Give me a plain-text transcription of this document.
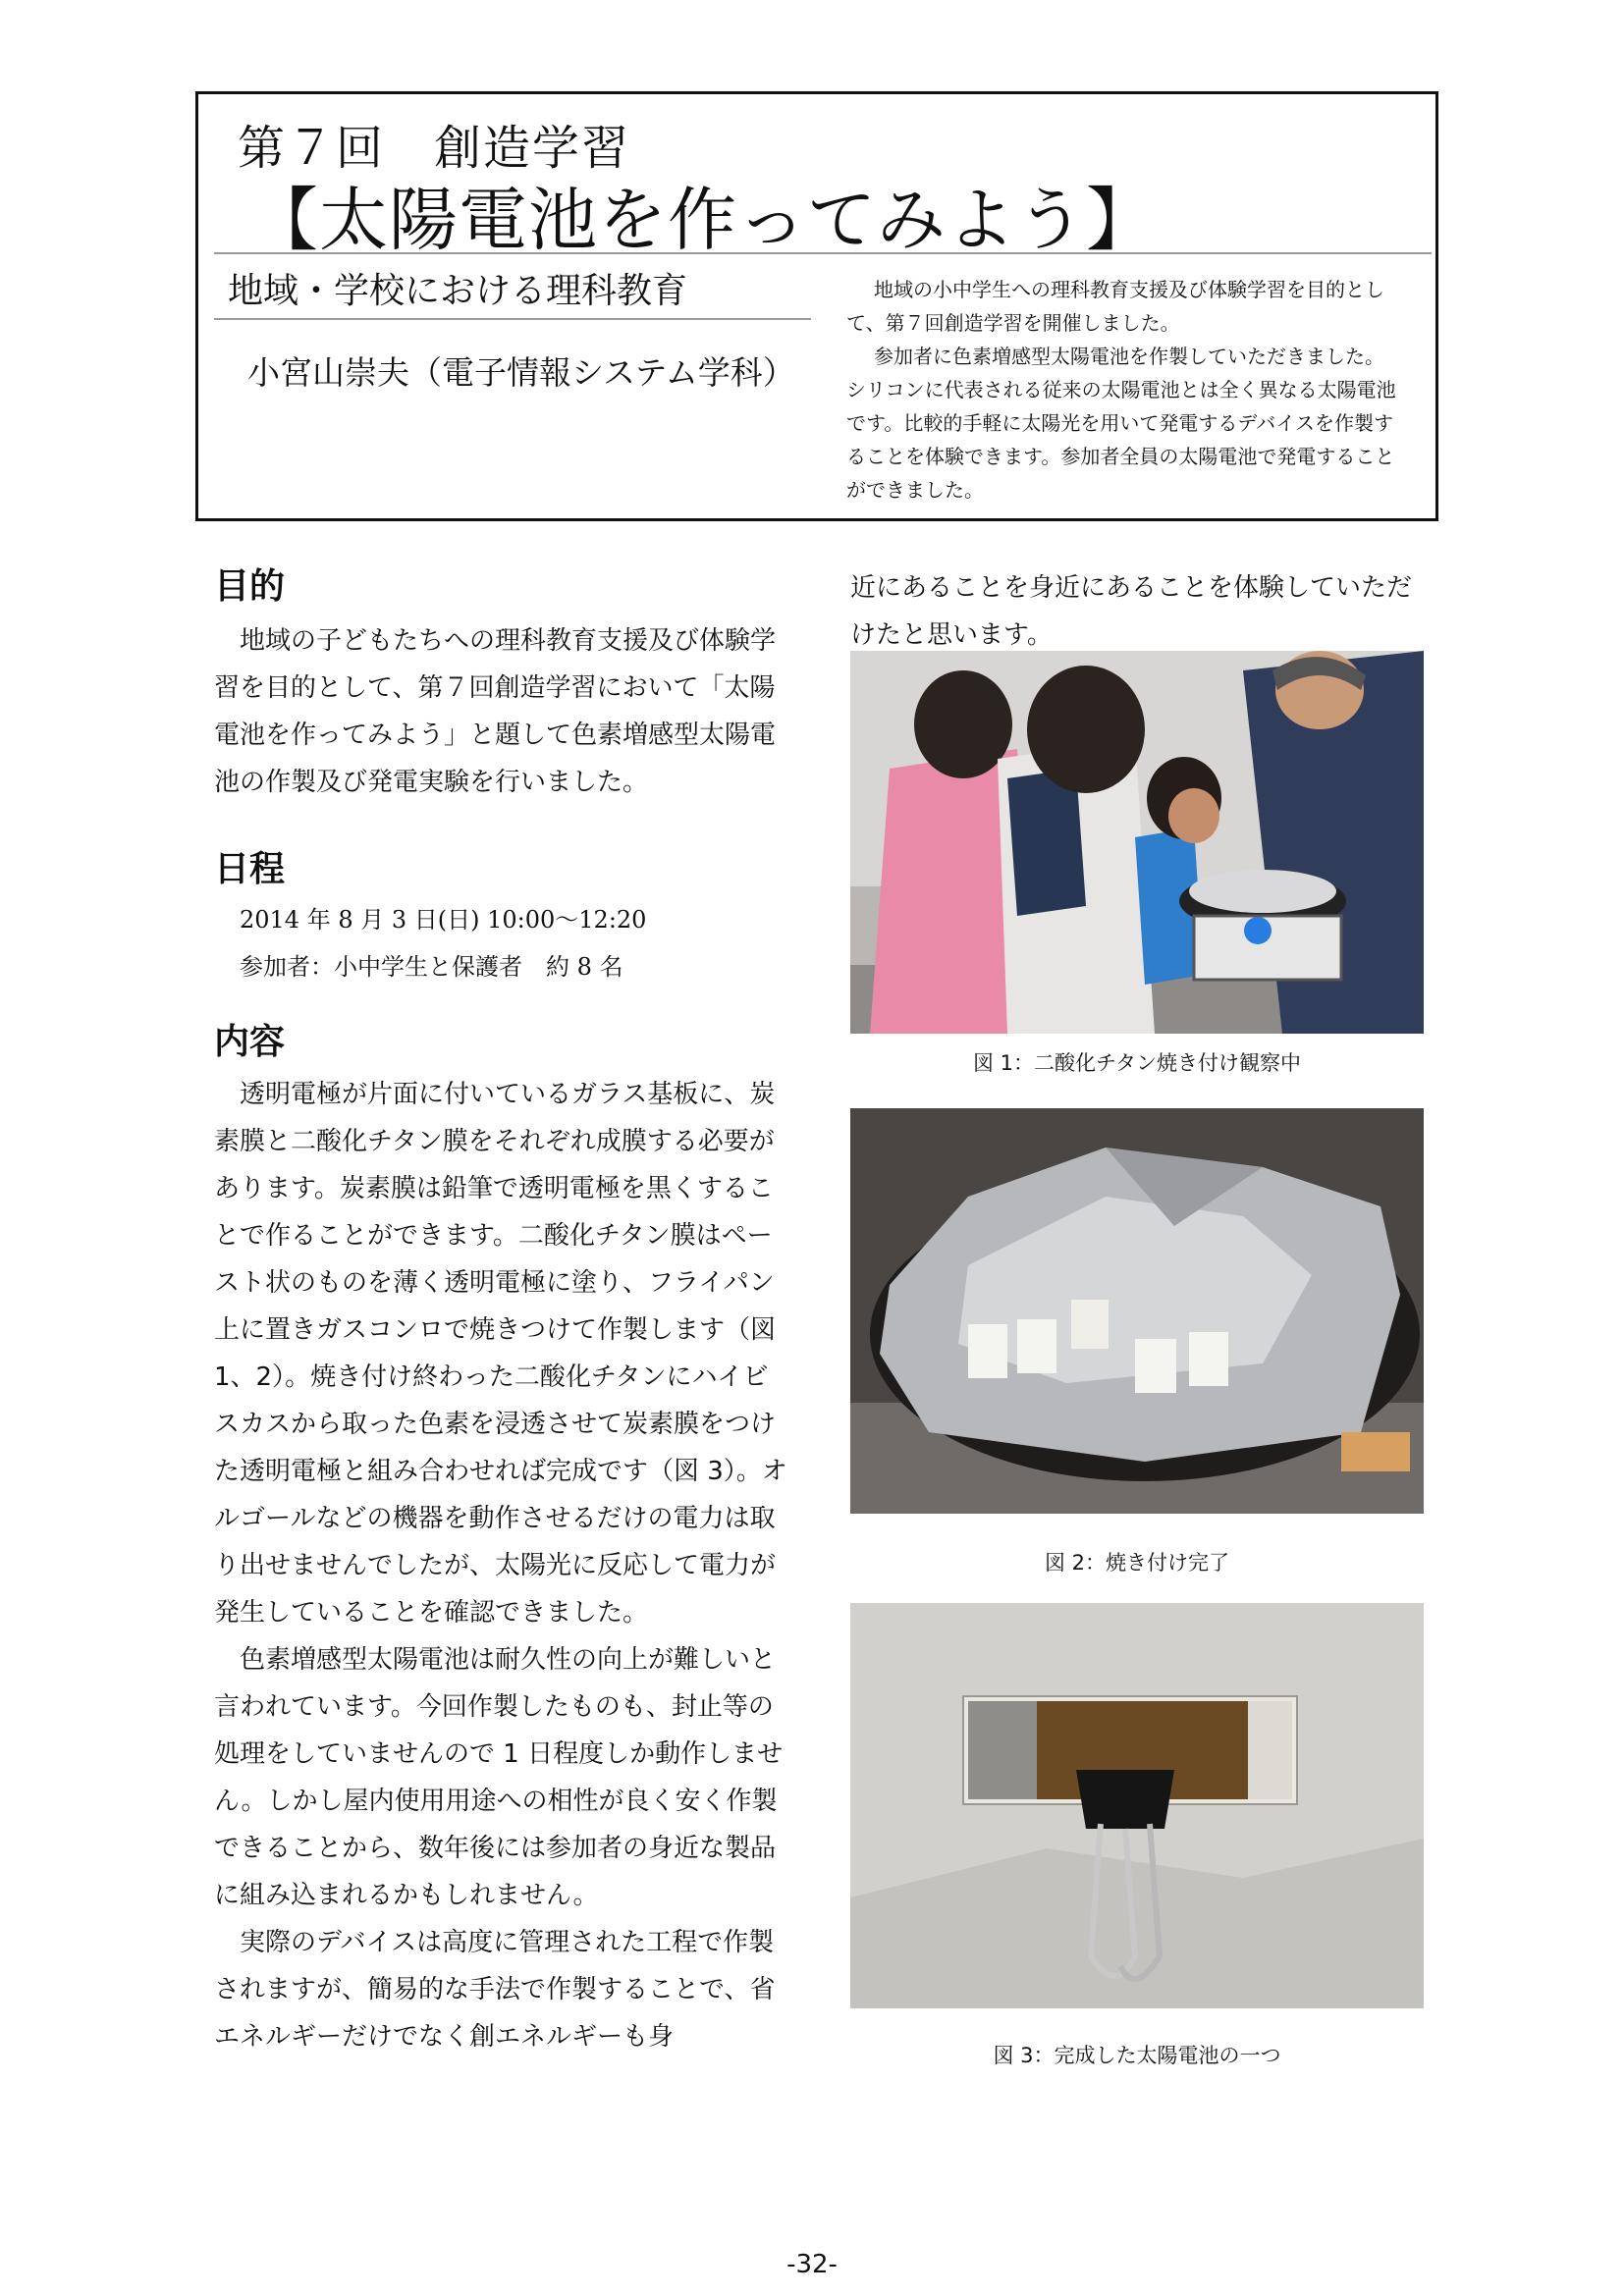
第７回　創造学習
【太陽電池を作ってみよう】
地域・学校における理科教育
小宮山崇夫（電子情報システム学科）

地域の小中学生への理科教育支援及び体験学習を目的として、第７回創造学習を開催しました。

参加者に色素増感型太陽電池を作製していただきました。シリコンに代表される従来の太陽電池とは全く異なる太陽電池です。比較的手軽に太陽光を用いて発電するデバイスを作製することを体験できます。参加者全員の太陽電池で発電することができました。

目的

地域の子どもたちへの理科教育支援及び体験学習を目的として、第７回創造学習において「太陽電池を作ってみよう」と題して色素増感型太陽電池の作製及び発電実験を行いました。

日程

2014 年 8 月 3 日(日) 10:00～12:20

参加者：小中学生と保護者　約 8 名

内容

透明電極が片面に付いているガラス基板に、炭素膜と二酸化チタン膜をそれぞれ成膜する必要があります。炭素膜は鉛筆で透明電極を黒くすることで作ることができます。二酸化チタン膜はペースト状のものを薄く透明電極に塗り、フライパン上に置きガスコンロで焼きつけて作製します（図 1、2）。焼き付け終わった二酸化チタンにハイビスカスから取った色素を浸透させて炭素膜をつけた透明電極と組み合わせれば完成です（図 3）。オルゴールなどの機器を動作させるだけの電力は取り出せませんでしたが、太陽光に反応して電力が発生していることを確認できました。

色素増感型太陽電池は耐久性の向上が難しいと言われています。今回作製したものも、封止等の処理をしていませんので 1 日程度しか動作しません。しかし屋内使用用途への相性が良く安く作製できることから、数年後には参加者の身近な製品に組み込まれるかもしれません。

実際のデバイスは高度に管理された工程で作製されますが、簡易的な手法で作製することで、省エネルギーだけでなく創エネルギーも身

近にあることを身近にあることを体験していただけたと思います。

図 1：二酸化チタン焼き付け観察中
図 2：焼き付け完了
図 3：完成した太陽電池の一つ
-32-
